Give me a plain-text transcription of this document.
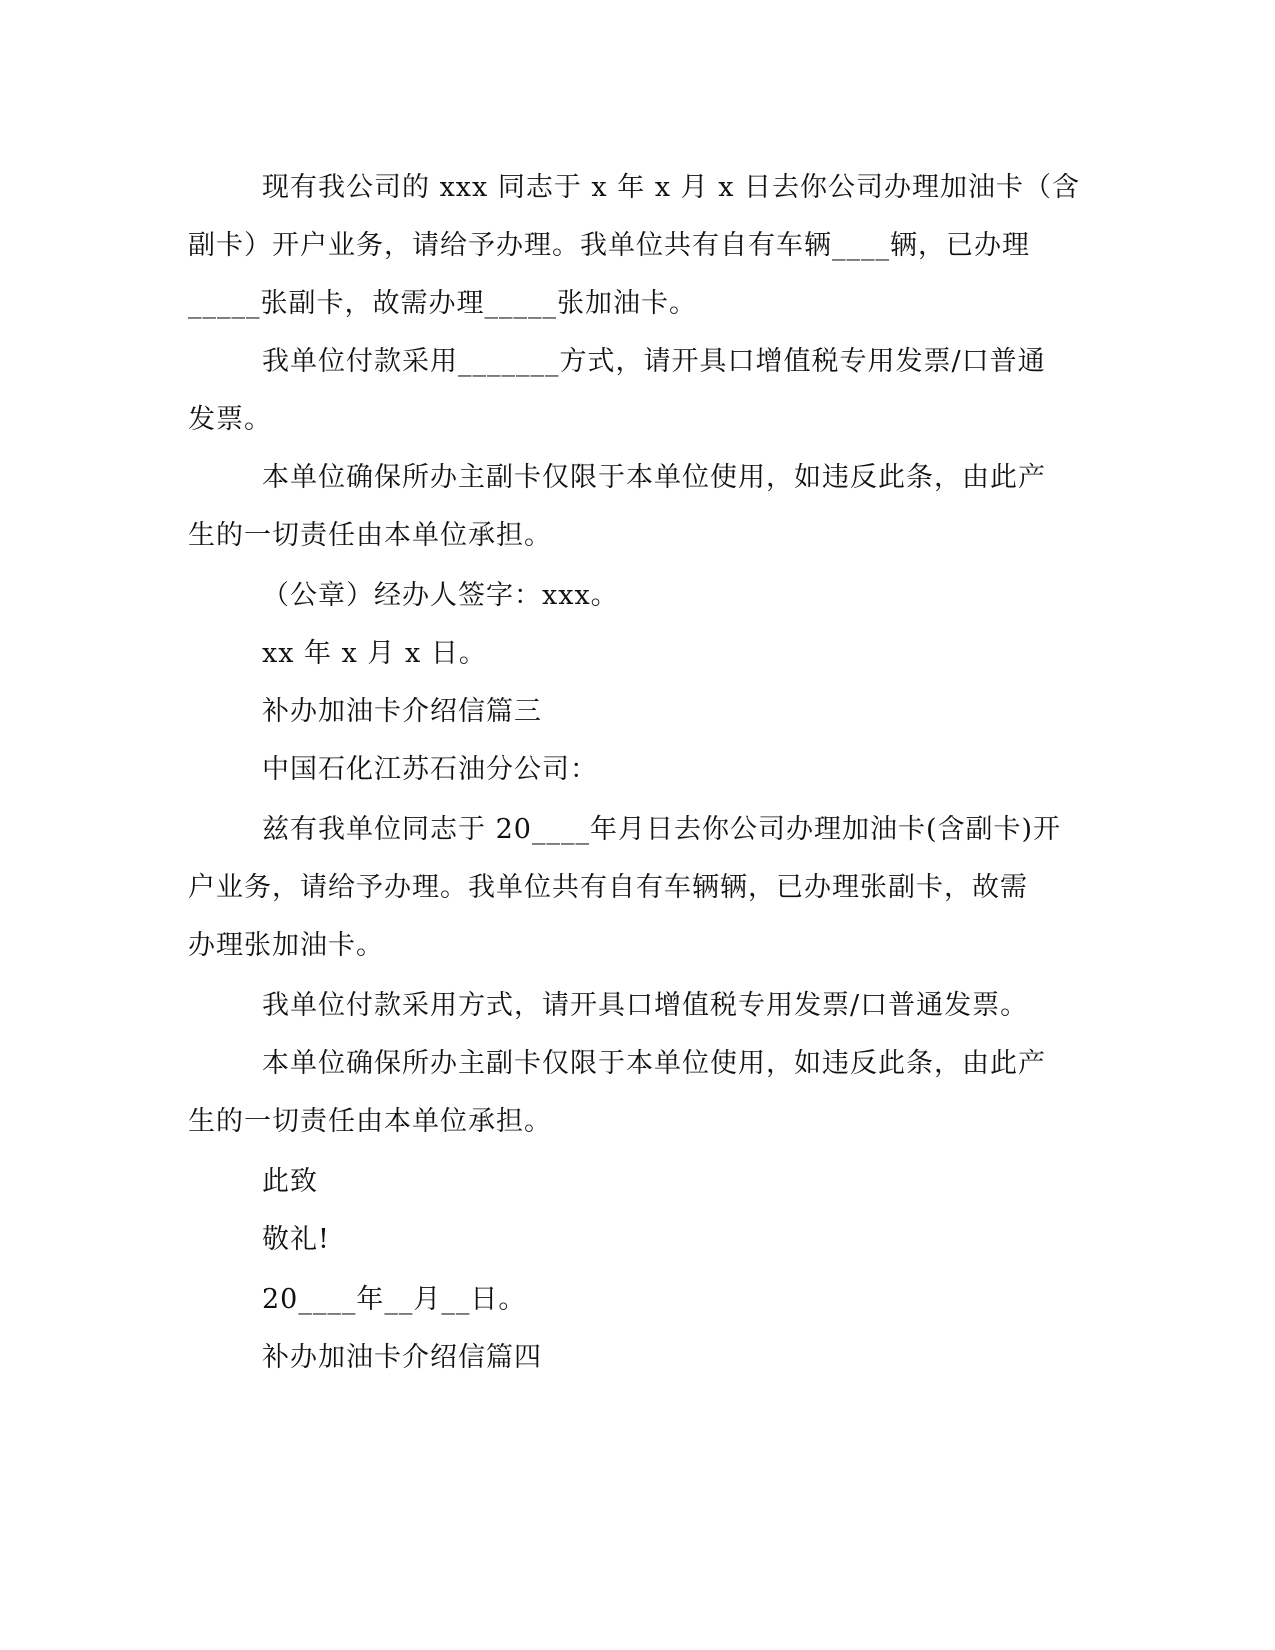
现有我公司的 xxx 同志于 x 年 x 月 x 日去你公司办理加油卡（含
副卡）开户业务，请给予办理。我单位共有自有车辆____辆，已办理
_____张副卡，故需办理_____张加油卡。
我单位付款采用_______方式，请开具口增值税专用发票/口普通
发票。
本单位确保所办主副卡仅限于本单位使用，如违反此条，由此产
生的一切责任由本单位承担。
（公章）经办人签字：xxx。
xx 年 x 月 x 日。
补办加油卡介绍信篇三
中国石化江苏石油分公司：
兹有我单位同志于 20____年月日去你公司办理加油卡(含副卡)开
户业务，请给予办理。我单位共有自有车辆辆，已办理张副卡，故需
办理张加油卡。
我单位付款采用方式，请开具口增值税专用发票/口普通发票。
本单位确保所办主副卡仅限于本单位使用，如违反此条，由此产
生的一切责任由本单位承担。
此致
敬礼!
20____年__月__日。
补办加油卡介绍信篇四
